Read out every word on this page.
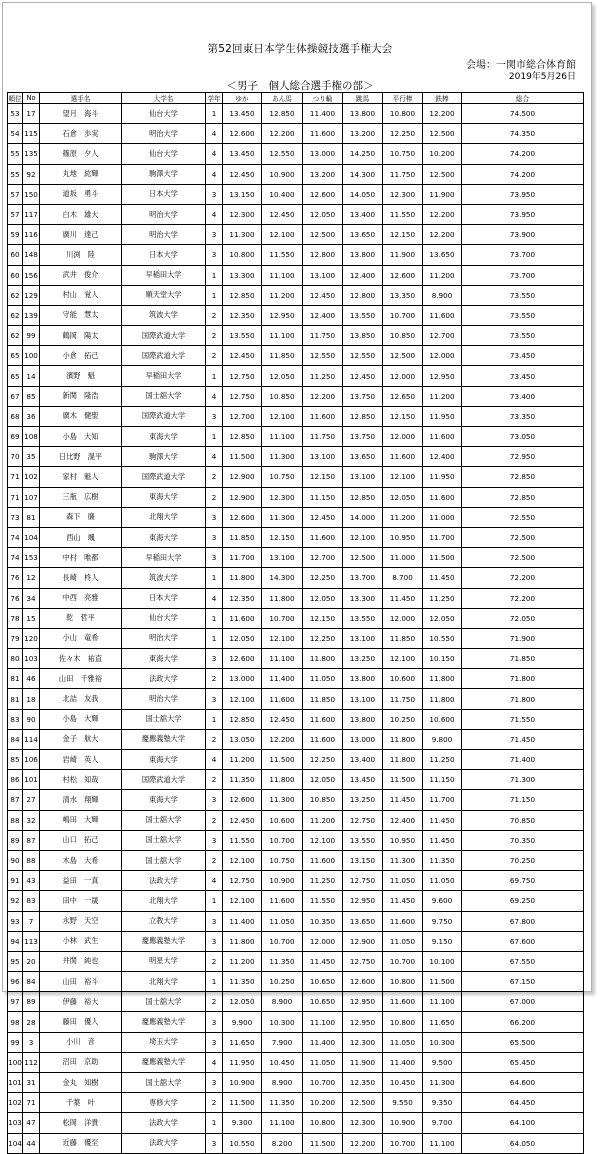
第52回東日本学生体操競技選手権大会
会場：一関市総合体育館
2019年5月26日
＜男子　個人総合選手権の部＞
順位	No	選手名	大学名	学年	ゆか	あん馬	つり輪	跳馬	平行棒	鉄棒	総合
53	17	望月　海斗	仙台大学	1	13.450	12.850	11.400	13.800	10.800	12.200	74.500
54	115	石倉　歩実	明治大学	4	12.600	12.200	11.600	13.200	12.250	12.500	74.350
55	135	篠原　夕人	仙台大学	4	13.450	12.550	13.000	14.250	10.750	10.200	74.200
55	92	丸地　紘輝	駒澤大学	4	12.450	10.900	13.200	14.300	11.750	12.500	74.200
57	150	道坂　勇斗	日本大学	3	13.150	10.400	12.600	14.050	12.300	11.900	73.950
57	117	白木　雄大	明治大学	4	12.300	12.450	12.050	13.400	11.550	12.200	73.950
59	116	廣川　達己	明治大学	3	11.300	12.100	12.500	13.650	12.150	12.200	73.900
60	148	川渕　陸	日本大学	3	10.800	11.550	12.800	13.800	11.900	13.650	73.700
60	156	武井　俊介	早稲田大学	1	13.300	11.100	13.100	12.400	12.600	11.200	73.700
62	129	村山　覚人	順天堂大学	1	12.850	11.200	12.450	12.800	13.350	8.900	73.550
62	139	守能　慧太	筑波大学	2	12.350	12.950	12.400	13.550	10.700	11.600	73.550
62	99	鶴岡　陽太	国際武道大学	2	13.550	11.100	11.750	13.850	10.850	12.700	73.550
65	100	小倉　拓己	国際武道大学	2	12.450	11.850	12.550	12.550	12.500	12.000	73.450
65	14	濱野　魁	早稲田大学	1	12.750	12.050	11.250	12.450	12.000	12.950	73.450
67	85	新関　隆浩	国士舘大学	4	12.750	10.850	12.200	13.750	12.650	11.200	73.400
68	36	廣木　健聖	国際武道大学	3	12.700	12.100	11.600	12.850	12.150	11.950	73.350
69	108	小島　大知	東海大学	1	12.850	11.100	11.750	13.750	12.000	11.600	73.050
70	35	日比野　滉平	駒澤大学	4	11.500	11.300	13.100	13.650	11.600	12.400	72.950
71	102	家村　魁人	国際武道大学	2	12.900	10.750	12.150	13.100	12.100	11.950	72.850
71	107	三瓶　広樹	東海大学	2	12.900	12.300	11.150	12.850	12.050	11.600	72.850
73	81	森下　廉	北翔大学	3	12.600	11.300	12.450	14.000	11.200	11.000	72.550
74	104	西山　颯	東海大学	3	11.850	12.150	11.600	12.100	10.950	11.700	72.500
74	153	中村　唯都	早稲田大学	3	11.700	13.100	12.700	12.500	11.000	11.500	72.500
76	12	長崎　柊人	筑波大学	1	11.800	14.300	12.250	13.700	8.700	11.450	72.200
76	34	中西　亮雅	日本大学	4	12.350	11.800	12.050	13.300	11.450	11.250	72.200
78	15	乾　哲平	仙台大学	1	11.600	10.700	12.150	13.550	12.000	12.050	72.050
79	120	小山　竜希	明治大学	1	12.050	12.100	12.250	13.100	11.850	10.550	71.900
80	103	佐々木　祐直	東海大学	3	12.600	11.100	11.800	13.250	12.100	10.150	71.850
81	46	山田　千雅裕	法政大学	2	13.000	11.400	11.050	13.800	10.600	11.800	71.800
81	18	北詰　友我	明治大学	3	12.100	11.600	11.850	13.100	11.750	11.800	71.800
83	90	小島　大輝	国士舘大学	1	12.850	12.450	11.600	13.800	10.250	10.600	71.550
84	114	金子　航大	慶應義塾大学	2	13.050	12.200	11.600	13.000	11.800	9.800	71.450
85	106	岩崎　英人	東海大学	4	11.200	11.500	12.250	13.400	11.800	11.250	71.400
86	101	村松　知哉	国際武道大学	2	11.350	11.800	12.050	13.450	11.500	11.150	71.300
87	27	清水　翔輝	東海大学	3	12.600	11.300	10.850	13.250	11.450	11.700	71.150
88	32	嶋田　大輝	国士舘大学	2	12.450	10.600	11.200	12.750	12.400	11.450	70.850
89	87	山口　拓己	国士舘大学	3	11.550	10.700	12.100	13.550	10.950	11.450	70.350
90	88	木島　大希	国士舘大学	2	12.100	10.750	11.600	13.150	11.300	11.350	70.250
91	43	益田　一真	法政大学	4	12.750	10.900	11.250	12.750	11.050	11.050	69.750
92	83	田中　一晟	北翔大学	1	12.100	11.600	11.550	12.950	11.450	9.600	69.250
93	7	永野　天空	立教大学	3	11.400	11.050	10.350	13.650	11.600	9.750	67.800
94	113	小林　武生	慶應義塾大学	3	11.800	10.700	12.000	12.900	11.050	9.150	67.600
95	20	井関　純也	明星大学	2	11.200	11.350	11.450	12.750	10.700	10.100	67.550
96	84	山田　裕斗	北翔大学	1	11.350	10.250	10.650	12.600	10.800	11.500	67.150
97	89	伊藤　裕大	国士舘大学	2	12.050	8.900	10.650	12.950	11.600	11.100	67.000
98	28	藤田　優人	慶應義塾大学	3	9.900	10.300	11.100	12.950	10.800	11.650	66.200
99	3	小川　音	埼玉大学	3	11.650	7.900	11.400	12.300	11.050	10.300	65.500
100	112	沼田　京助	慶應義塾大学	4	11.950	10.450	11.050	11.900	11.400	9.500	65.450
101	31	金丸　知樹	国士舘大学	3	10.900	8.900	10.700	12.350	10.450	11.300	64.600
102	71	千葉　叶	専修大学	2	11.500	11.350	10.200	12.500	9.550	9.350	64.450
103	47	松岡　洋貴	法政大学	1	9.300	11.100	10.800	12.300	10.900	9.700	64.100
104	44	近藤　優至	法政大学	3	10.550	8.200	11.500	12.200	10.700	11.100	64.050
